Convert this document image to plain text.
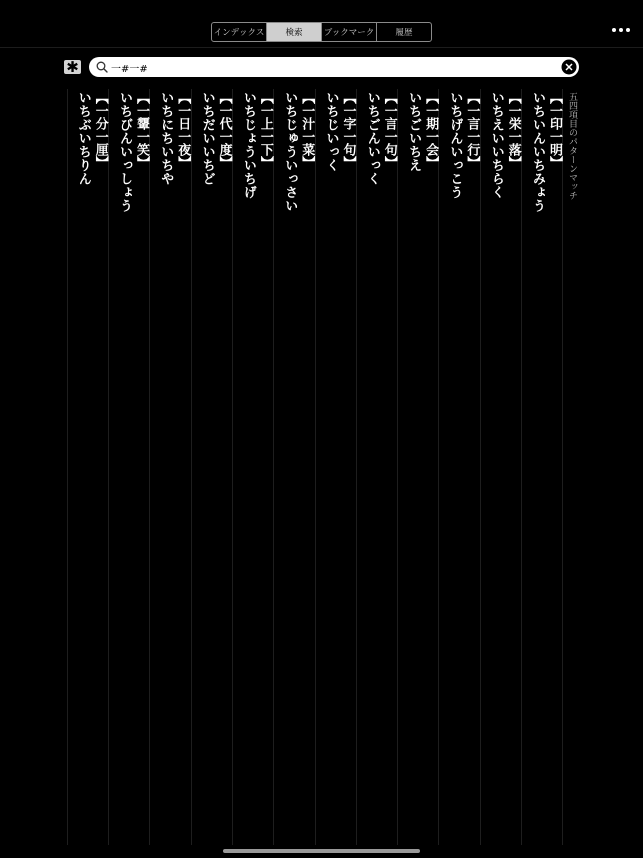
インデックス	検索	ブックマーク	履歴
✱
一#一#
五四項目のパターンマッチ
いちいんいちみょう 【一印一明】
いちえいいちらく 【一栄一落】
いちげんいっこう 【一言一行】
いちごいちえ 【一期一会】
いちごんいっく 【一言一句】
いちじいっく 【一字一句】
いちじゅういっさい 【一汁一菜】
いちじょういちげ 【一上一下】
いちだいいちど 【一代一度】
いちにちいちや 【一日一夜】
いちびんいっしょう 【一顰一笑】
いちぶいちりん 【一分一厘】
